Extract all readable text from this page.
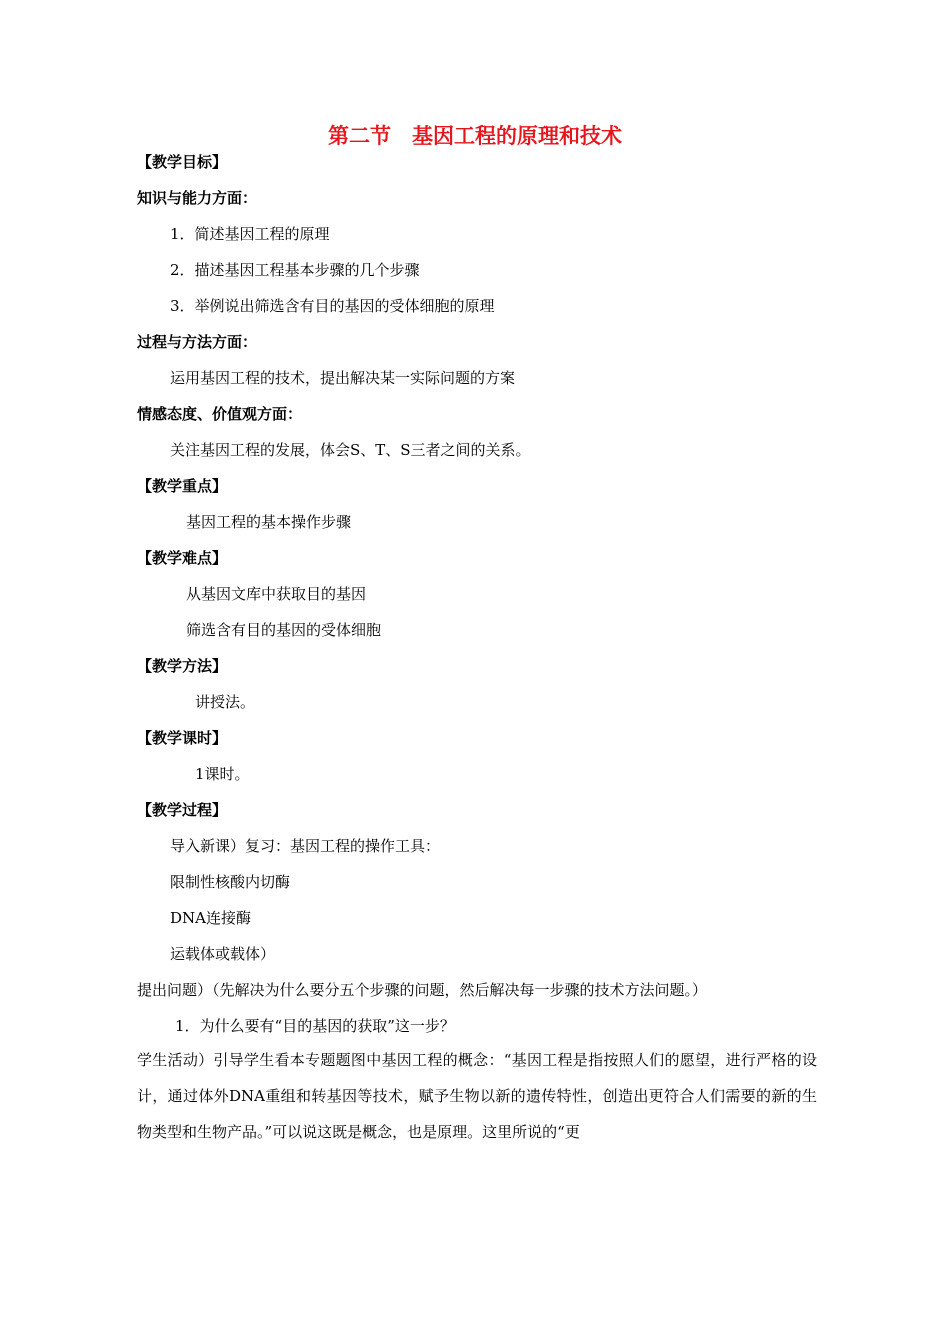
第二节　基因工程的原理和技术
【教学目标】
知识与能力方面：
1．简述基因工程的原理
2．描述基因工程基本步骤的几个步骤
3．举例说出筛选含有目的基因的受体细胞的原理
过程与方法方面：
运用基因工程的技术，提出解决某一实际问题的方案
情感态度、价值观方面：
关注基因工程的发展，体会S、T、S三者之间的关系。
【教学重点】
基因工程的基本操作步骤
【教学难点】
从基因文库中获取目的基因
筛选含有目的基因的受体细胞
【教学方法】
讲授法。
【教学课时】
1课时。
【教学过程】
导入新课）复习：基因工程的操作工具：
限制性核酸内切酶
DNA连接酶
运载体或载体）
提出问题）（先解决为什么要分五个步骤的问题，然后解决每一步骤的技术方法问题。）
1．为什么要有“目的基因的获取”这一步？
学生活动）引导学生看本专题题图中基因工程的概念：“基因工程是指按照人们的愿望，进行严格的设计，通过体外DNA重组和转基因等技术，赋予生物以新的遗传特性，创造出更符合人们需要的新的生物类型和生物产品。”可以说这既是概念，也是原理。这里所说的“更
